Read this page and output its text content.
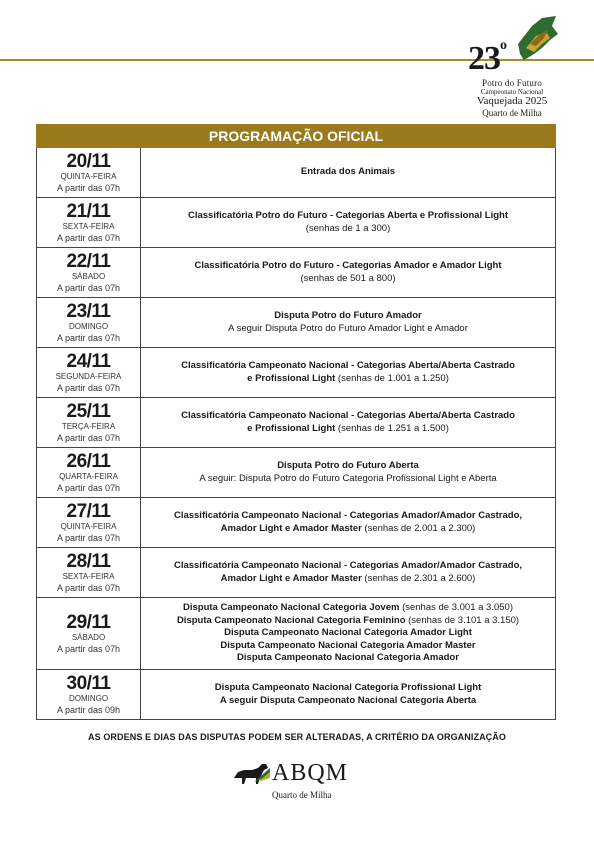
23$^o$
Potro do Futuro
Campeonato Nacional
Vaquejada 2025
Quarto de Milha
PROGRAMAÇÃO OFICIAL
20/11
QUINTA-FEIRA
A partir das 07h
Entrada dos Animais
21/11
SEXTA-FEIRA
A partir das 07h
Classificatória Potro do Futuro - Categorias Aberta e Profissional Light
(senhas de 1 a 300)
22/11
SÁBADO
A partir das 07h
Classificatória Potro do Futuro - Categorias Amador e Amador Light
(senhas de 501 a 800)
23/11
DOMINGO
A partir das 07h
Disputa Potro do Futuro Amador
A seguir Disputa Potro do Futuro Amador Light e Amador
24/11
SEGUNDA-FEIRA
A partir das 07h
Classificatória Campeonato Nacional - Categorias Aberta/Aberta Castrado
e Profissional Light (senhas de 1.001 a 1.250)
25/11
TERÇA-FEIRA
A partir das 07h
Classificatória Campeonato Nacional - Categorias Aberta/Aberta Castrado
e Profissional Light (senhas de 1.251 a 1.500)
26/11
QUARTA-FEIRA
A partir das 07h
Disputa Potro do Futuro Aberta
A seguir: Disputa Potro do Futuro Categoria Profissional Light e Aberta
27/11
QUINTA-FEIRA
A partir das 07h
Classificatória Campeonato Nacional - Categorias Amador/Amador Castrado,
Amador Light e Amador Master (senhas de 2.001 a 2.300)
28/11
SEXTA-FEIRA
A partir das 07h
Classificatória Campeonato Nacional - Categorias Amador/Amador Castrado,
Amador Light e Amador Master (senhas de 2.301 a 2.600)
29/11
SÁBADO
A partir das 07h
Disputa Campeonato Nacional Categoria Jovem (senhas de 3.001 a 3.050)
Disputa Campeonato Nacional Categoria Feminino (senhas de 3.101 a 3.150)
Disputa Campeonato Nacional Categoria Amador Light
Disputa Campeonato Nacional Categoria Amador Master
Disputa Campeonato Nacional Categoria Amador
30/11
DOMINGO
A partir das 09h
Disputa Campeonato Nacional Categoria Profissional Light
A seguir Disputa Campeonato Nacional Categoria Aberta
AS ORDENS E DIAS DAS DISPUTAS PODEM SER ALTERADAS, A CRITÉRIO DA ORGANIZAÇÃO
ABQM
Quarto de Milha
